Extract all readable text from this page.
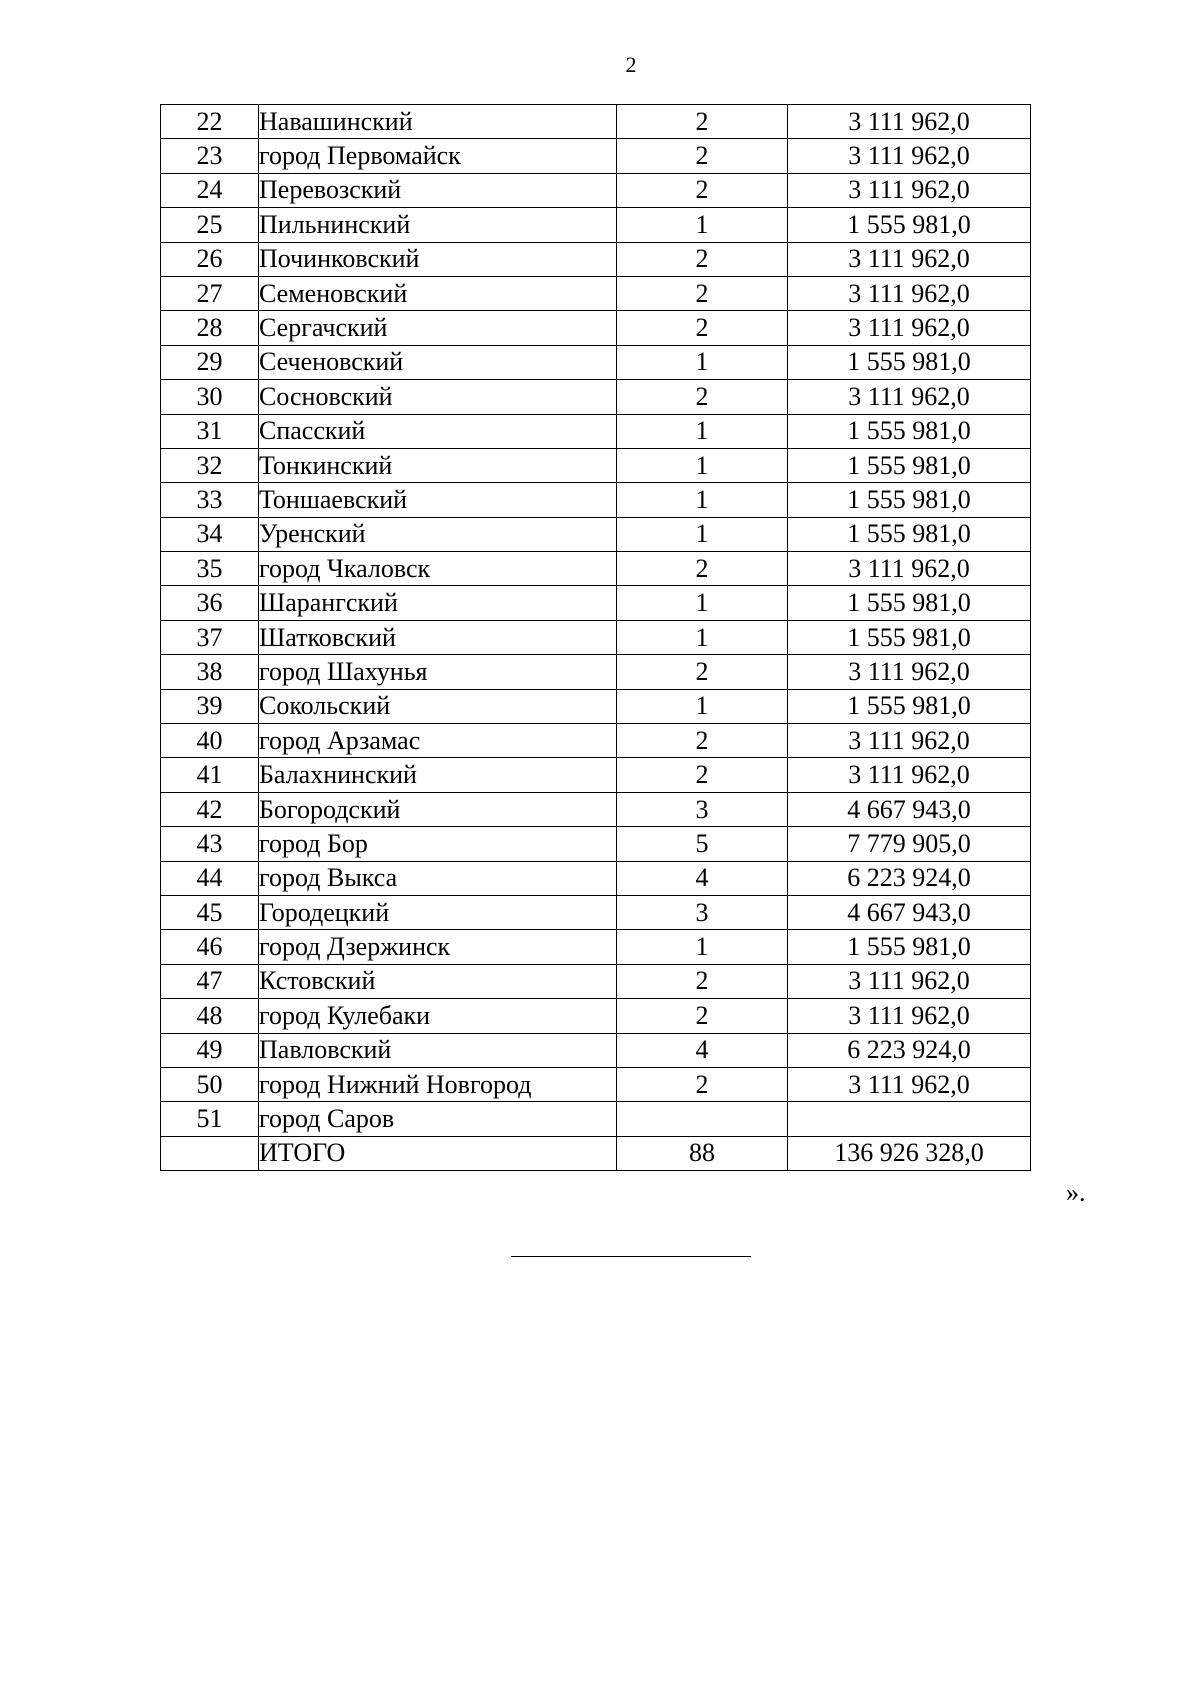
2
22	Навашинский	2	3 111 962,0
23	город Первомайск	2	3 111 962,0
24	Перевозский	2	3 111 962,0
25	Пильнинский	1	1 555 981,0
26	Починковский	2	3 111 962,0
27	Семеновский	2	3 111 962,0
28	Сергачский	2	3 111 962,0
29	Сеченовский	1	1 555 981,0
30	Сосновский	2	3 111 962,0
31	Спасский	1	1 555 981,0
32	Тонкинский	1	1 555 981,0
33	Тоншаевский	1	1 555 981,0
34	Уренский	1	1 555 981,0
35	город Чкаловск	2	3 111 962,0
36	Шарангский	1	1 555 981,0
37	Шатковский	1	1 555 981,0
38	город Шахунья	2	3 111 962,0
39	Сокольский	1	1 555 981,0
40	город Арзамас	2	3 111 962,0
41	Балахнинский	2	3 111 962,0
42	Богородский	3	4 667 943,0
43	город Бор	5	7 779 905,0
44	город Выкса	4	6 223 924,0
45	Городецкий	3	4 667 943,0
46	город Дзержинск	1	1 555 981,0
47	Кстовский	2	3 111 962,0
48	город Кулебаки	2	3 111 962,0
49	Павловский	4	6 223 924,0
50	город Нижний Новгород	2	3 111 962,0
51	город Саров		
	ИТОГО	88	136 926 328,0
».
